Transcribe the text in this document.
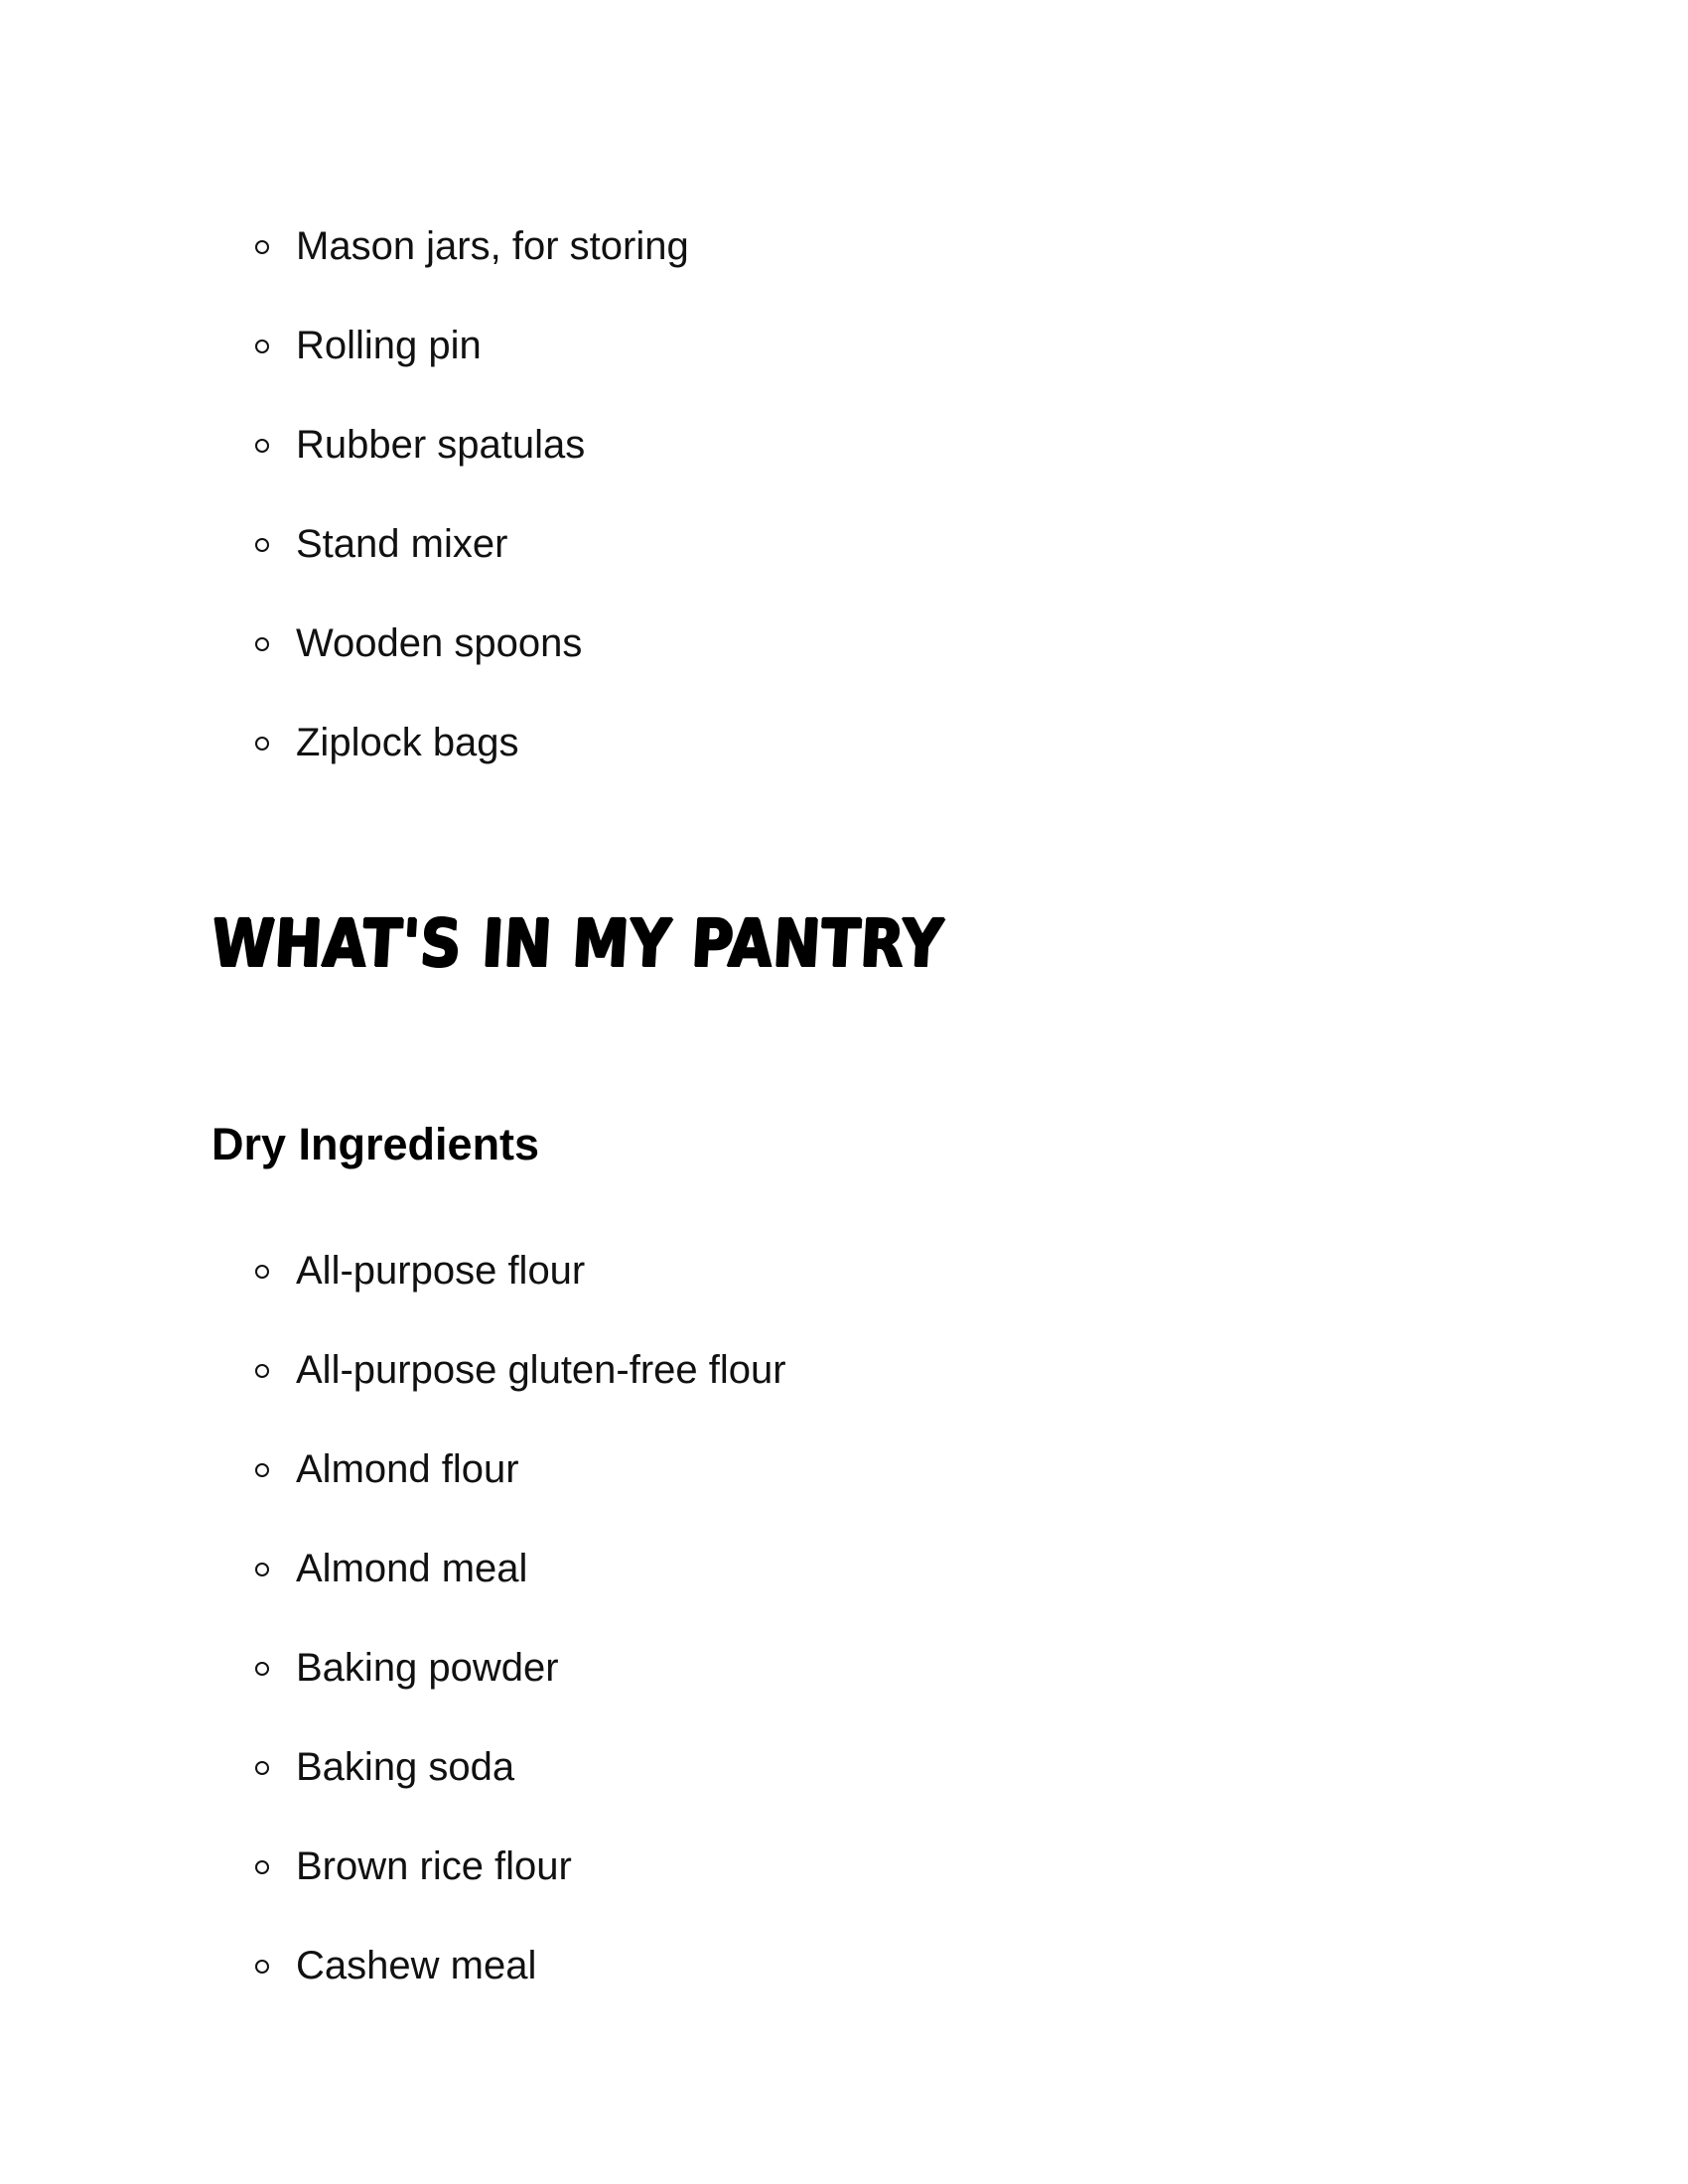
Mason jars, for storing
Rolling pin
Rubber spatulas
Stand mixer
Wooden spoons
Ziplock bags
WHAT'S IN MY PANTRY
Dry Ingredients
All-purpose flour
All-purpose gluten-free flour
Almond flour
Almond meal
Baking powder
Baking soda
Brown rice flour
Cashew meal
